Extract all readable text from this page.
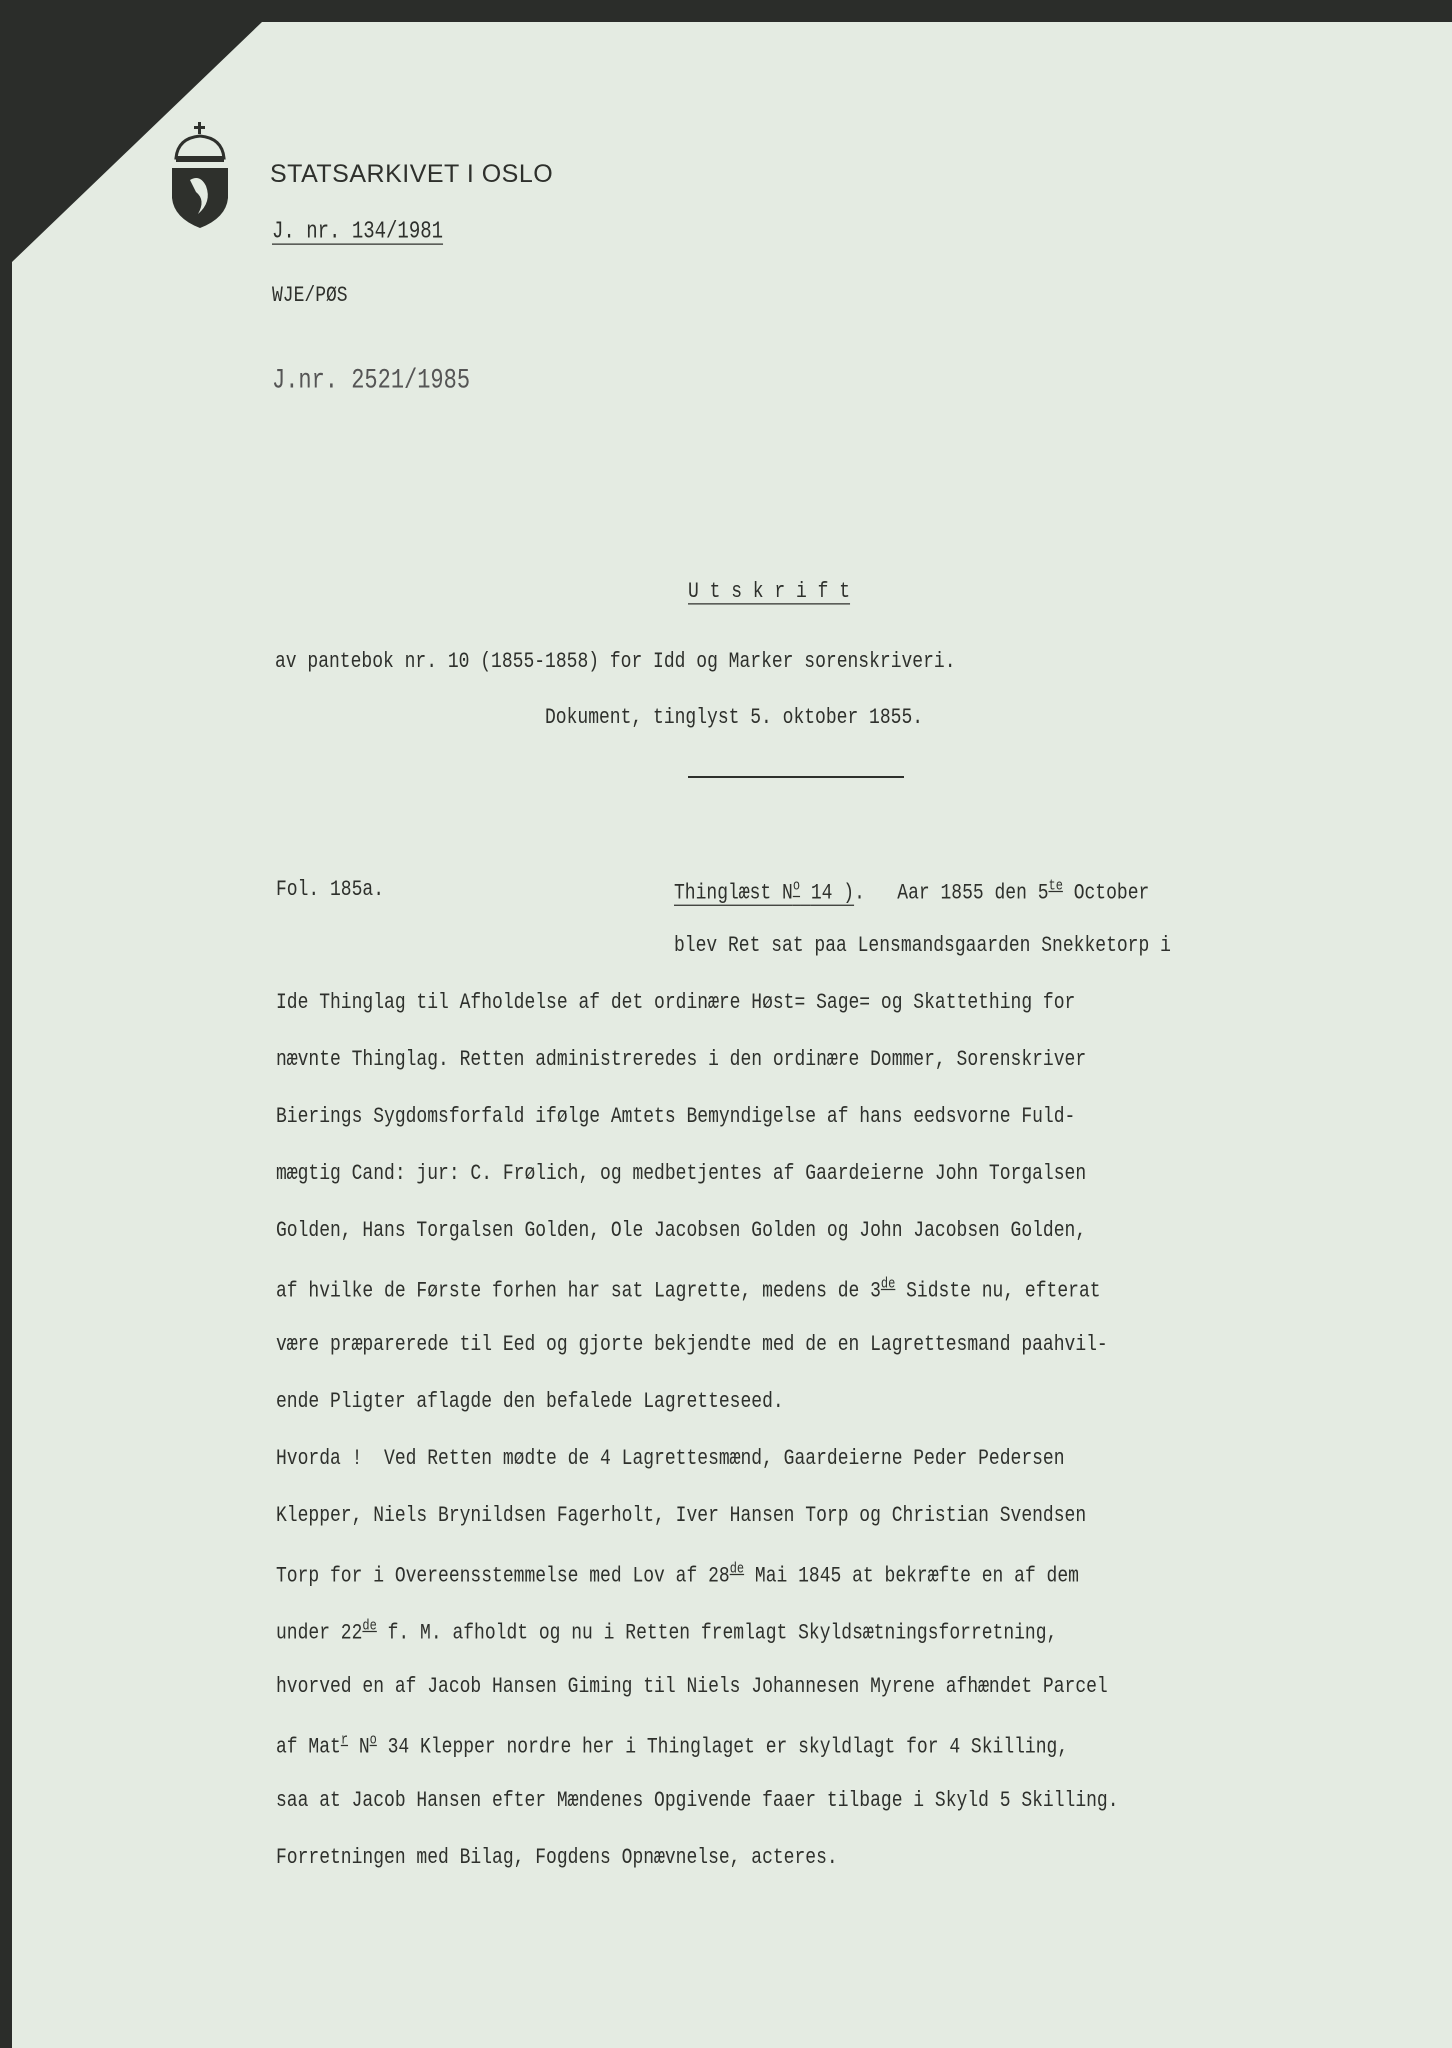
STATSARKIVET I OSLO
J. nr. 134/1981
WJE/PØS
J.nr. 2521/1985
U t s k r i f t
av pantebok nr. 10 (1855-1858) for Idd og Marker sorenskriveri.
Dokument, tinglyst 5. oktober 1855.
Fol. 185a.	Thinglæst $N^o$ 14 ).   Aar 1855 den $5^{te}$ October
blev Ret sat paa Lensmandsgaarden Snekketorp i
Ide Thinglag til Afholdelse af det ordinære Høst= Sage= og Skattething for
nævnte Thinglag. Retten administreredes i den ordinære Dommer, Sorenskriver
Bierings Sygdomsforfald ifølge Amtets Bemyndigelse af hans eedsvorne Fuld-
mægtig Cand: jur: C. Frølich, og medbetjentes af Gaardeierne John Torgalsen
Golden, Hans Torgalsen Golden, Ole Jacobsen Golden og John Jacobsen Golden,
af hvilke de Første forhen har sat Lagrette, medens de 3de Sidste nu, efterat
være præparerede til Eed og gjorte bekjendte med de en Lagrettesmand paahvil-
ende Pligter aflagde den befalede Lagretteseed.
Hvorda !  Ved Retten mødte de 4 Lagrettesmænd, Gaardeierne Peder Pedersen
Klepper, Niels Brynildsen Fagerholt, Iver Hansen Torp og Christian Svendsen
Torp for i Overeensstemmelse med Lov af 28de Mai 1845 at bekræfte en af dem
under 22de f. M. afholdt og nu i Retten fremlagt Skyldsætningsforretning,
hvorved en af Jacob Hansen Giming til Niels Johannesen Myrene afhændet Parcel
af Mat$^r$ $N^o$ 34 Klepper nordre her i Thinglaget er skyldlagt for 4 Skilling,
saa at Jacob Hansen efter Mændenes Opgivende faaer tilbage i Skyld 5 Skilling.
Forretningen med Bilag, Fogdens Opnævnelse, acteres.
